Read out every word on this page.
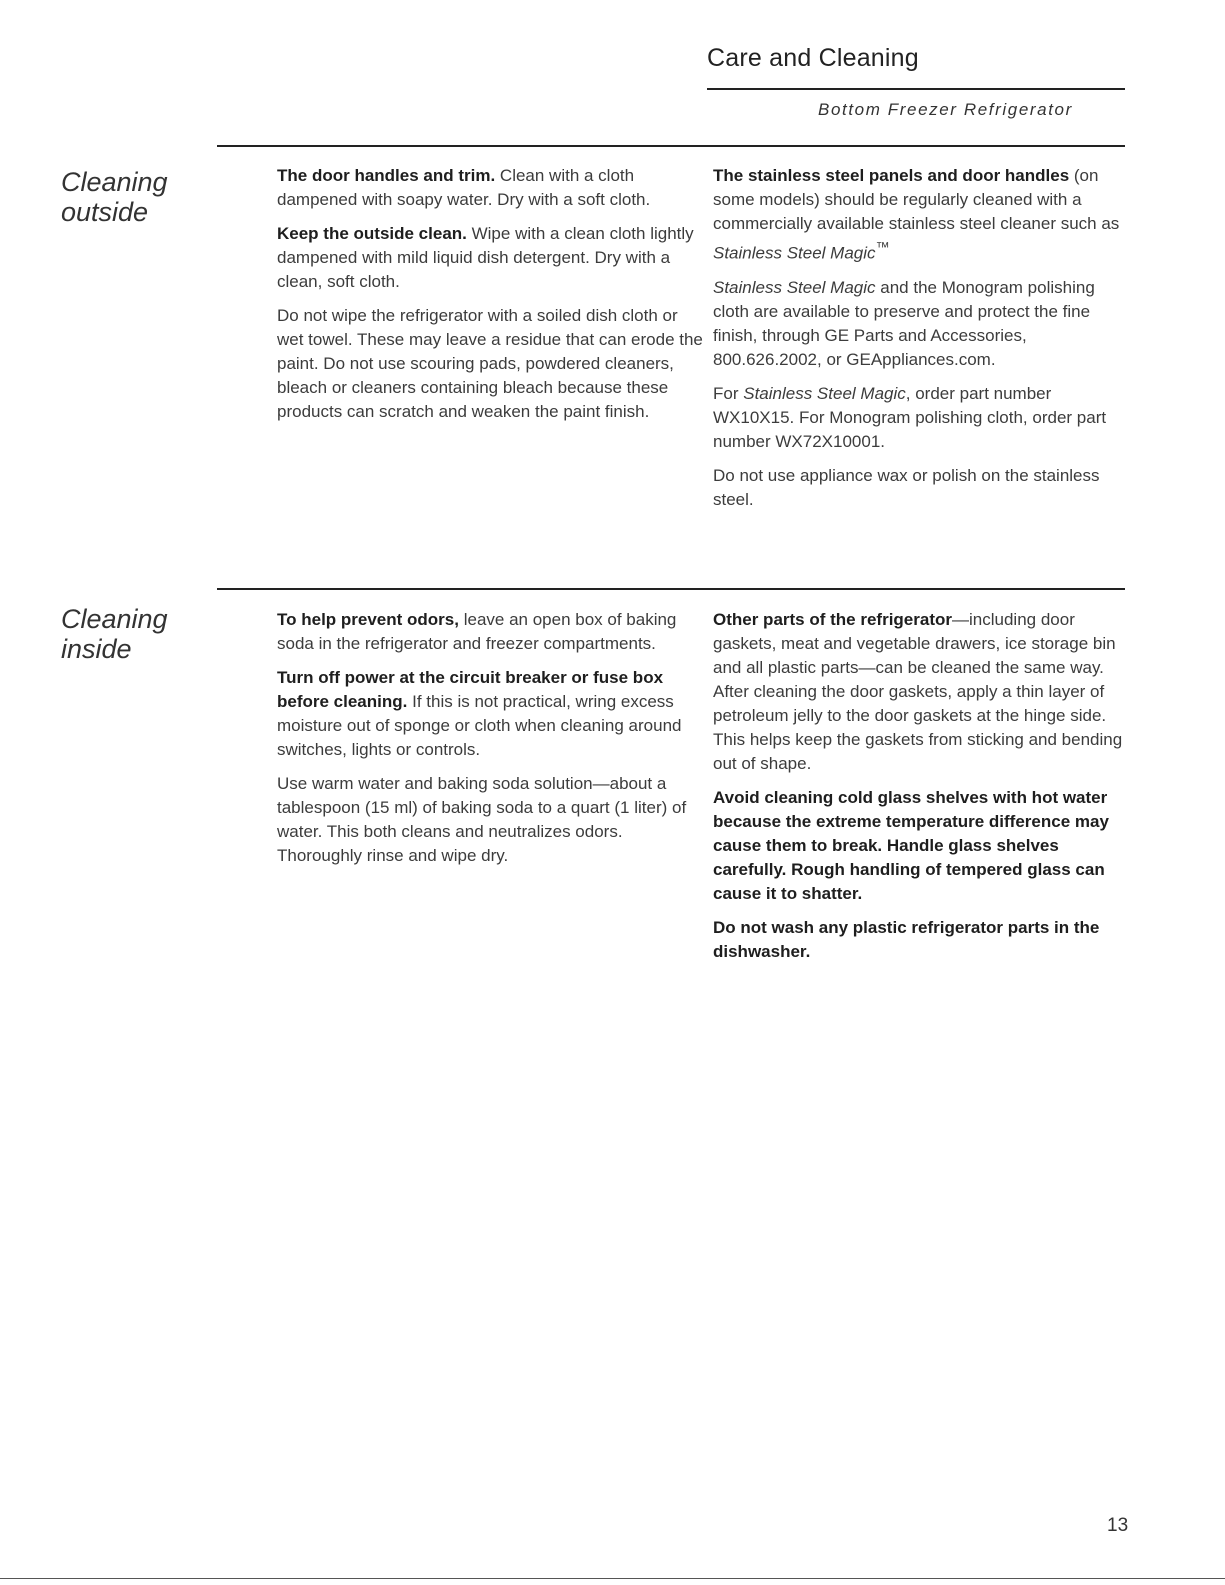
Care and Cleaning
Bottom Freezer Refrigerator
Cleaning
outside

The door handles and trim. Clean with a cloth dampened with soapy water. Dry with a soft cloth.

Keep the outside clean. Wipe with a clean cloth lightly dampened with mild liquid dish detergent. Dry with a clean, soft cloth.

Do not wipe the refrigerator with a soiled dish cloth or wet towel. These may leave a residue that can erode the paint. Do not use scouring pads, powdered cleaners, bleach or cleaners containing bleach because these products can scratch and weaken the paint finish.

The stainless steel panels and door handles (on some models) should be regularly cleaned with a commercially available stainless steel cleaner such as Stainless Steel Magic™

Stainless Steel Magic and the Monogram polishing cloth are available to preserve and protect the fine finish, through GE Parts and Accessories, 800.626.2002, or GEAppliances.com.

For Stainless Steel Magic, order part number WX10X15. For Monogram polishing cloth, order part number WX72X10001.

Do not use appliance wax or polish on the stainless steel.

Cleaning
inside

To help prevent odors, leave an open box of baking soda in the refrigerator and freezer compartments.

Turn off power at the circuit breaker or fuse box before cleaning. If this is not practical, wring excess moisture out of sponge or cloth when cleaning around switches, lights or controls.

Use warm water and baking soda solution—about a tablespoon (15 ml) of baking soda to a quart (1 liter) of water. This both cleans and neutralizes odors. Thoroughly rinse and wipe dry.

Other parts of the refrigerator—including door gaskets, meat and vegetable drawers, ice storage bin and all plastic parts—can be cleaned the same way. After cleaning the door gaskets, apply a thin layer of petroleum jelly to the door gaskets at the hinge side. This helps keep the gaskets from sticking and bending out of shape.

Avoid cleaning cold glass shelves with hot water because the extreme temperature difference may cause them to break. Handle glass shelves carefully. Rough handling of tempered glass can cause it to shatter.

Do not wash any plastic refrigerator parts in the dishwasher.

13
